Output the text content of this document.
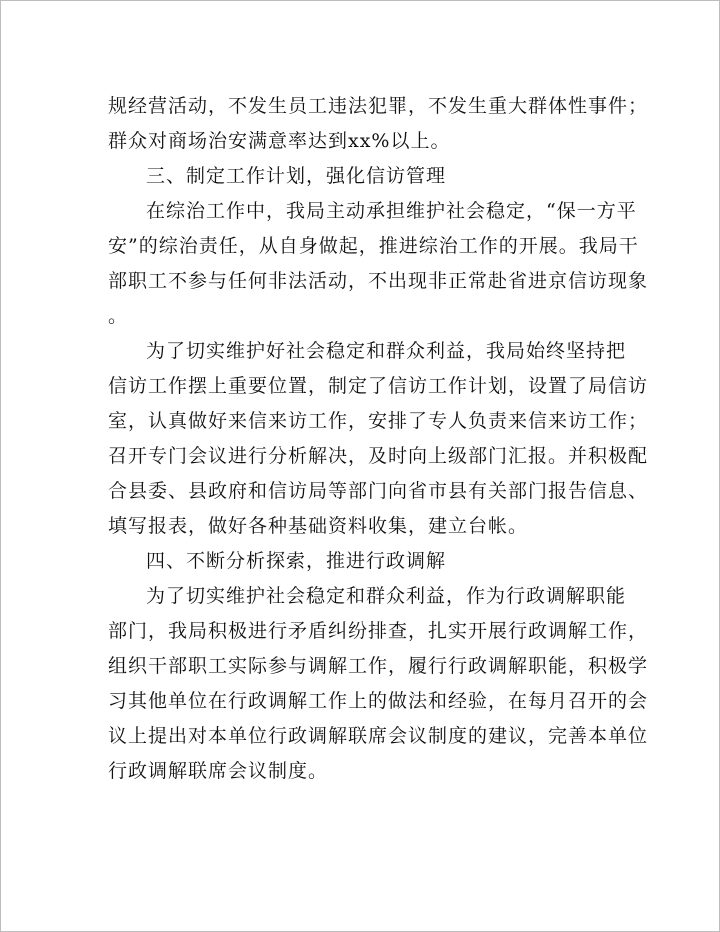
规经营活动，不发生员工违法犯罪，不发生重大群体性事件；
群众对商场治安满意率达到xx%以上。
三、制定工作计划，强化信访管理
在综治工作中，我局主动承担维护社会稳定，“保一方平
安”的综治责任，从自身做起，推进综治工作的开展。我局干
部职工不参与任何非法活动，不出现非正常赴省进京信访现象
。
为了切实维护好社会稳定和群众利益，我局始终坚持把
信访工作摆上重要位置，制定了信访工作计划，设置了局信访
室，认真做好来信来访工作，安排了专人负责来信来访工作；
召开专门会议进行分析解决，及时向上级部门汇报。并积极配
合县委、县政府和信访局等部门向省市县有关部门报告信息、
填写报表，做好各种基础资料收集，建立台帐。
四、不断分析探索，推进行政调解
为了切实维护社会稳定和群众利益，作为行政调解职能
部门，我局积极进行矛盾纠纷排查，扎实开展行政调解工作，
组织干部职工实际参与调解工作，履行行政调解职能，积极学
习其他单位在行政调解工作上的做法和经验，在每月召开的会
议上提出对本单位行政调解联席会议制度的建议，完善本单位
行政调解联席会议制度。
